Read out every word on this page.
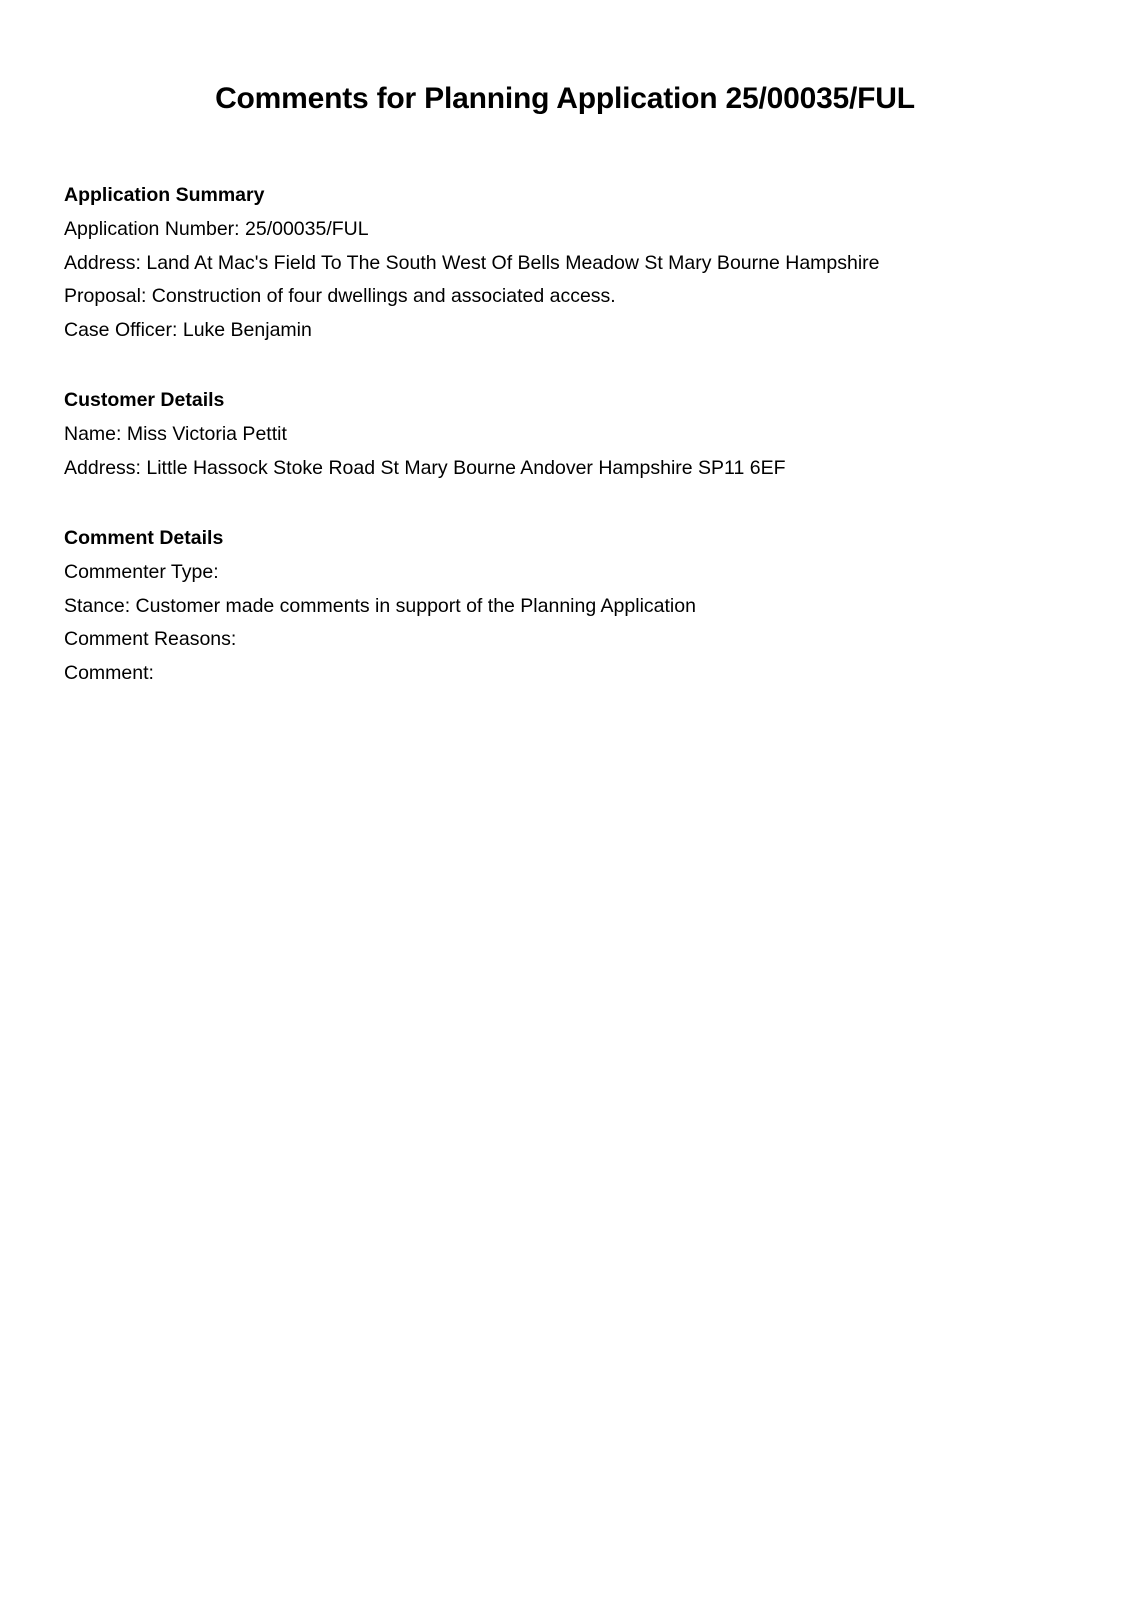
Comments for Planning Application 25/00035/FUL
Application Summary
Application Number: 25/00035/FUL
Address: Land At Mac's Field To The South West Of Bells Meadow St Mary Bourne Hampshire
Proposal: Construction of four dwellings and associated access.
Case Officer: Luke Benjamin
Customer Details
Name: Miss Victoria Pettit
Address: Little Hassock Stoke Road St Mary Bourne Andover Hampshire SP11 6EF
Comment Details
Commenter Type:
Stance: Customer made comments in support of the Planning Application
Comment Reasons:
Comment:
